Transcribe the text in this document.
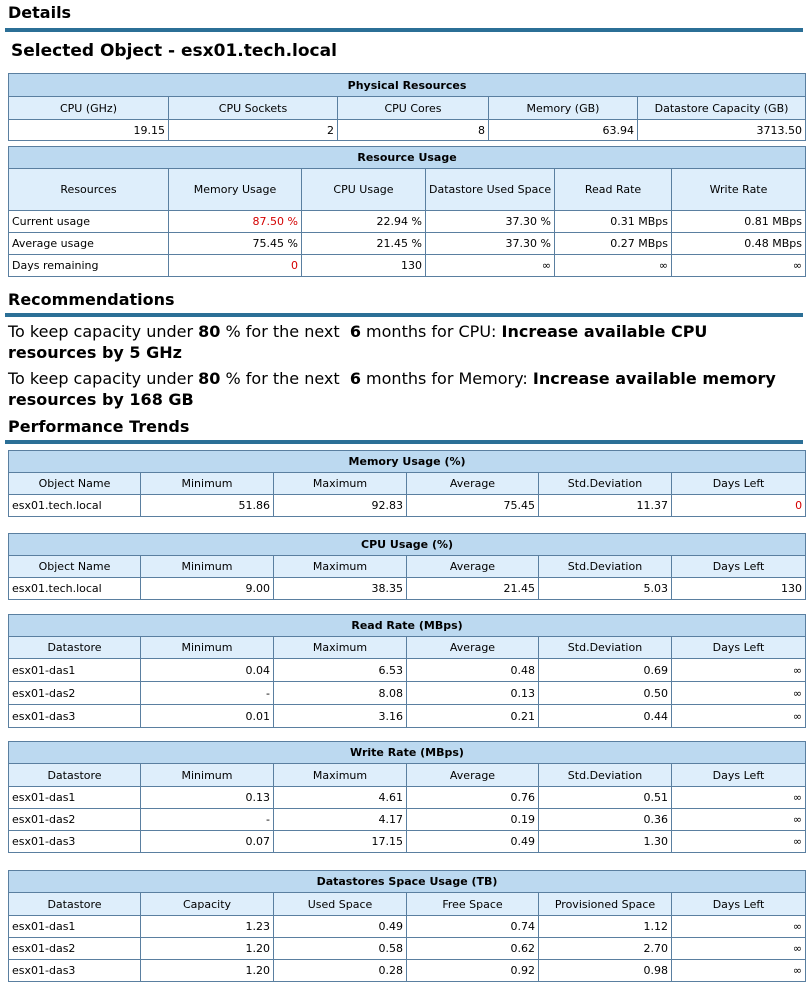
Details
Selected Object - esx01.tech.local
Physical Resources				
CPU (GHz)	CPU Sockets	CPU Cores	Memory (GB)	Datastore Capacity (GB)
19.15	2	8	63.94	3713.50
Resource Usage					
Resources	Memory Usage	CPU Usage	Datastore Used Space	Read Rate	Write Rate
Current usage	87.50 %	22.94 %	37.30 %	0.31 MBps	0.81 MBps
Average usage	75.45 %	21.45 %	37.30 %	0.27 MBps	0.48 MBps
Days remaining	0	130	∞	∞	∞
Recommendations

To keep capacity under 80 % for the next  6 months for CPU: Increase available CPU resources by 5 GHz

To keep capacity under 80 % for the next  6 months for Memory: Increase available memory resources by 168 GB

Performance Trends
Memory Usage (%)					
Object Name	Minimum	Maximum	Average	Std.Deviation	Days Left
esx01.tech.local	51.86	92.83	75.45	11.37	0
CPU Usage (%)					
Object Name	Minimum	Maximum	Average	Std.Deviation	Days Left
esx01.tech.local	9.00	38.35	21.45	5.03	130
Read Rate (MBps)					
Datastore	Minimum	Maximum	Average	Std.Deviation	Days Left
esx01-das1	0.04	6.53	0.48	0.69	∞
esx01-das2	-	8.08	0.13	0.50	∞
esx01-das3	0.01	3.16	0.21	0.44	∞
Write Rate (MBps)					
Datastore	Minimum	Maximum	Average	Std.Deviation	Days Left
esx01-das1	0.13	4.61	0.76	0.51	∞
esx01-das2	-	4.17	0.19	0.36	∞
esx01-das3	0.07	17.15	0.49	1.30	∞
Datastores Space Usage (TB)					
Datastore	Capacity	Used Space	Free Space	Provisioned Space	Days Left
esx01-das1	1.23	0.49	0.74	1.12	∞
esx01-das2	1.20	0.58	0.62	2.70	∞
esx01-das3	1.20	0.28	0.92	0.98	∞
